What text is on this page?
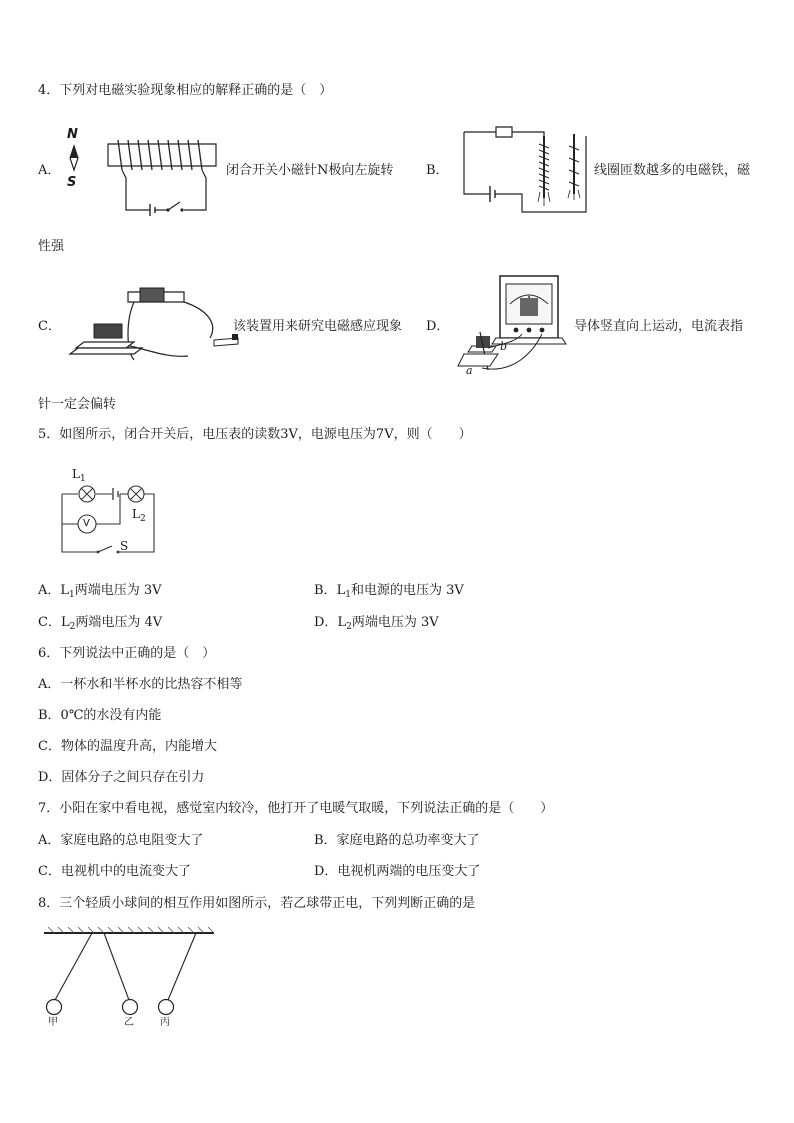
4．下列对电磁实验现象相应的解释正确的是（　）
A．
N
S
闭合开关小磁针N极向左旋转	B．	线圈匝数越多的电磁铁，磁
性强
C．	该装置用来研究电磁感应现象 D．
b
a
导体竖直向上运动，电流表指
针一定会偏转
5．如图所示，闭合开关后，电压表的读数3V，电源电压为7V，则（　　）
$L_1$
$L_2$
V
S
A．$L_1$两端电压为 3V	B．$L_1$和电源的电压为 3V
C．$L_2$两端电压为 4V	D．$L_2$两端电压为 3V
6．下列说法中正确的是（　）
A．一杯水和半杯水的比热容不相等
B．0℃的水没有内能
C．物体的温度升高，内能增大
D．固体分子之间只存在引力
7．小阳在家中看电视，感觉室内较冷，他打开了电暖气取暖，下列说法正确的是（　　）
A．家庭电路的总电阻变大了	B．家庭电路的总功率变大了
C．电视机中的电流变大了	D．电视机两端的电压变大了
8．三个轻质小球间的相互作用如图所示，若乙球带正电，下列判断正确的是
甲	乙	丙
